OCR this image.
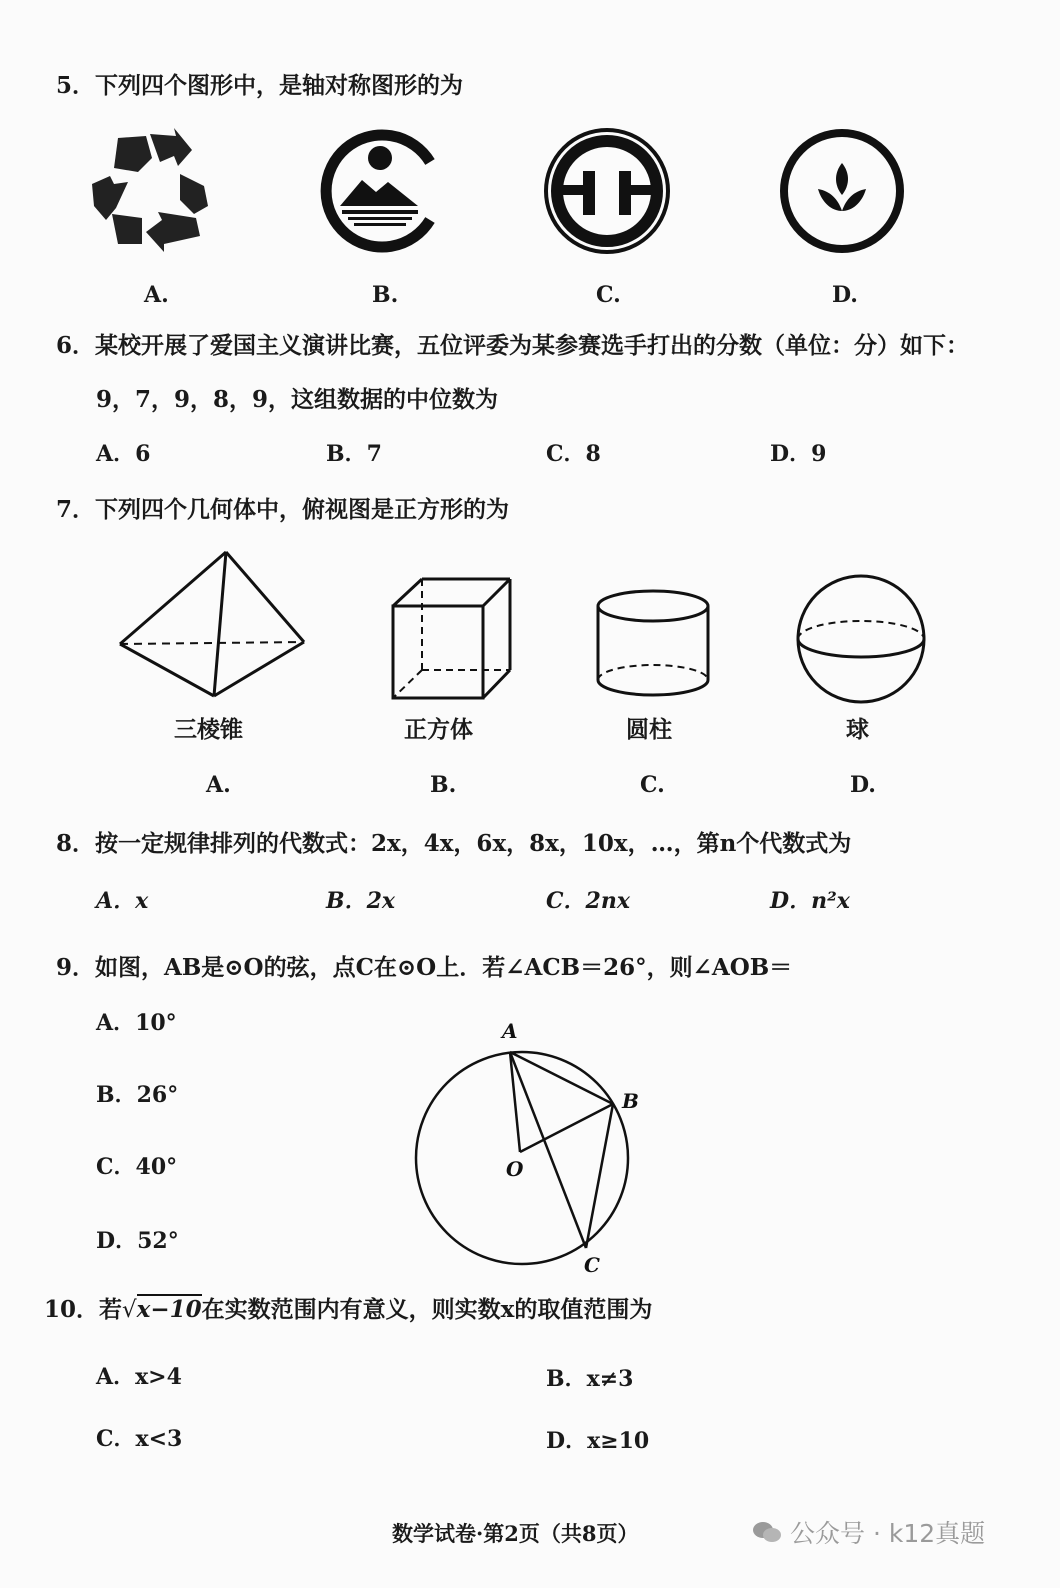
5．下列四个图形中，是轴对称图形的为
A.	B.	C.	D.
6．某校开展了爱国主义演讲比赛，五位评委为某参赛选手打出的分数（单位：分）如下：
9，7，9，8，9，这组数据的中位数为
A．6	B．7	C．8	D．9
7．下列四个几何体中，俯视图是正方形的为
三棱锥
A.
正方体
B.
圆柱
C.
球
D.
8．按一定规律排列的代数式：2x，4x，6x，8x，10x，…，第n个代数式为
A．x	B．2x	C．2nx	D．n²x
9．如图，AB是⊙O的弦，点C在⊙O上．若∠ACB＝26°，则∠AOB＝
A．10°
B．26°
C．40°
D．52°
A
B
O
C
10．若√x−10在实数范围内有意义，则实数x的取值范围为
A．x>4	B．x≠3
C．x<3	D．x≥10
数学试卷·第2页（共8页）	公众号 · k12真题
